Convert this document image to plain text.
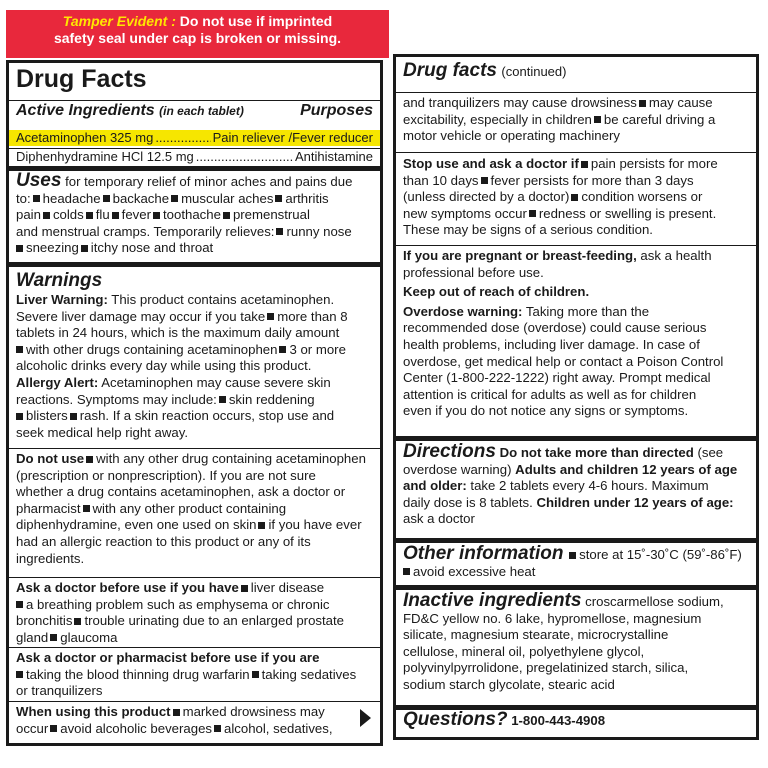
Tamper Evident : Do not use if imprinted
safety seal under cap is broken or missing.
Drug Facts
Active Ingredients (in each tablet)	Purposes
Acetaminophen 325 mg .....	Pain reliever /Fever reducer
Diphenhydramine HCl 12.5 mg .....	Antihistamine
Uses for temporary relief of minor aches and pains due
to: headache backache muscular aches arthritis
pain colds flu fever toothache premenstrual
and menstrual cramps. Temporarily relieves: runny nose
sneezing itchy nose and throat
Warnings
Liver Warning: This product contains acetaminophen.
Severe liver damage may occur if you take more than 8
tablets in 24 hours, which is the maximum daily amount
with other drugs containing acetaminophen 3 or more
alcoholic drinks every day while using this product.
Allergy Alert: Acetaminophen may cause severe skin
reactions. Symptoms may include: skin reddening
blisters rash. If a skin reaction occurs, stop use and
seek medical help right away.
Do not use with any other drug containing acetaminophen
(prescription or nonprescription). If you are not sure
whether a drug contains acetaminophen, ask a doctor or
pharmacist with any other product containing
diphenhydramine, even one used on skin if you have ever
had an allergic reaction to this product or any of its
ingredients.
Ask a doctor before use if you have liver disease
a breathing problem such as emphysema or chronic
bronchitis trouble urinating due to an enlarged prostate
gland glaucoma
Ask a doctor or pharmacist before use if you are
taking the blood thinning drug warfarin taking sedatives
or tranquilizers
When using this product marked drowsiness may
occur avoid alcoholic beverages alcohol, sedatives,
Drug facts (continued)
and tranquilizers may cause drowsiness may cause
excitability, especially in children be careful driving a
motor vehicle or operating machinery
Stop use and ask a doctor if pain persists for more
than 10 days fever persists for more than 3 days
(unless directed by a doctor) condition worsens or
new symptoms occur redness or swelling is present.
These may be signs of a serious condition.
If you are pregnant or breast-feeding, ask a health
professional before use.
Keep out of reach of children.
Overdose warning: Taking more than the
recommended dose (overdose) could cause serious
health problems, including liver damage. In case of
overdose, get medical help or contact a Poison Control
Center (1-800-222-1222) right away. Prompt medical
attention is critical for adults as well as for children
even if you do not notice any signs or symptoms.
Directions Do not take more than directed (see
overdose warning) Adults and children 12 years of age
and older: take 2 tablets every 4-6 hours. Maximum
daily dose is 8 tablets. Children under 12 years of age:
ask a doctor
Other information store at 15˚-30˚C (59˚-86˚F)
avoid excessive heat
Inactive ingredients croscarmellose sodium,
FD&C yellow no. 6 lake, hypromellose, magnesium
silicate, magnesium stearate, microcrystalline
cellulose, mineral oil, polyethylene glycol,
polyvinylpyrrolidone, pregelatinized starch, silica,
sodium starch glycolate, stearic acid
Questions? 1-800-443-4908
